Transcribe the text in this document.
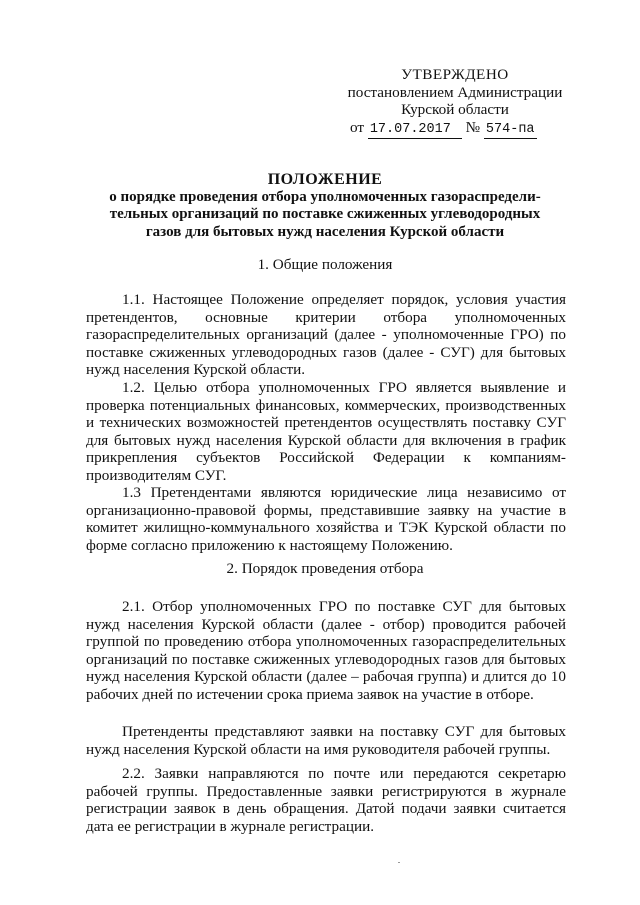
УТВЕРЖДЕНО
постановлением Администрации
Курской области
от 17.07.2017 № 574-па
ПОЛОЖЕНИЕ
о порядке проведения отбора уполномоченных газораспредели-
тельных организаций по поставке сжиженных углеводородных
газов для бытовых нужд населения Курской области
1. Общие положения

1.1. Настоящее Положение определяет порядок, условия участия претендентов, основные критерии отбора уполномоченных газораспределительных организаций (далее - уполномоченные ГРО) по поставке сжиженных углеводородных газов (далее - СУГ) для бытовых нужд населения Курской области.

1.2. Целью отбора уполномоченных ГРО является выявление и проверка потенциальных финансовых, коммерческих, производственных и технических возможностей претендентов осуществлять поставку СУГ для бытовых нужд населения Курской области для включения в график прикрепления субъектов Российской Федерации к компаниям-производителям СУГ.

1.3 Претендентами являются юридические лица независимо от организационно-правовой формы, представившие заявку на участие в комитет жилищно-коммунального хозяйства и ТЭК Курской области по форме согласно приложению к настоящему Положению.

2. Порядок проведения отбора

2.1. Отбор уполномоченных ГРО по поставке СУГ для бытовых нужд населения Курской области (далее - отбор) проводится рабочей группой по проведению отбора уполномоченных газораспределительных организаций по поставке сжиженных углеводородных газов для бытовых нужд населения Курской области (далее – рабочая группа) и длится до 10 рабочих дней по истечении срока приема заявок на участие в отборе.

Претенденты представляют заявки на поставку СУГ для бытовых нужд населения Курской области на имя руководителя рабочей группы.

2.2. Заявки направляются по почте или передаются секретарю рабочей группы. Предоставленные заявки регистрируются в журнале регистрации заявок в день обращения. Датой подачи заявки считается дата ее регистрации в журнале регистрации.
